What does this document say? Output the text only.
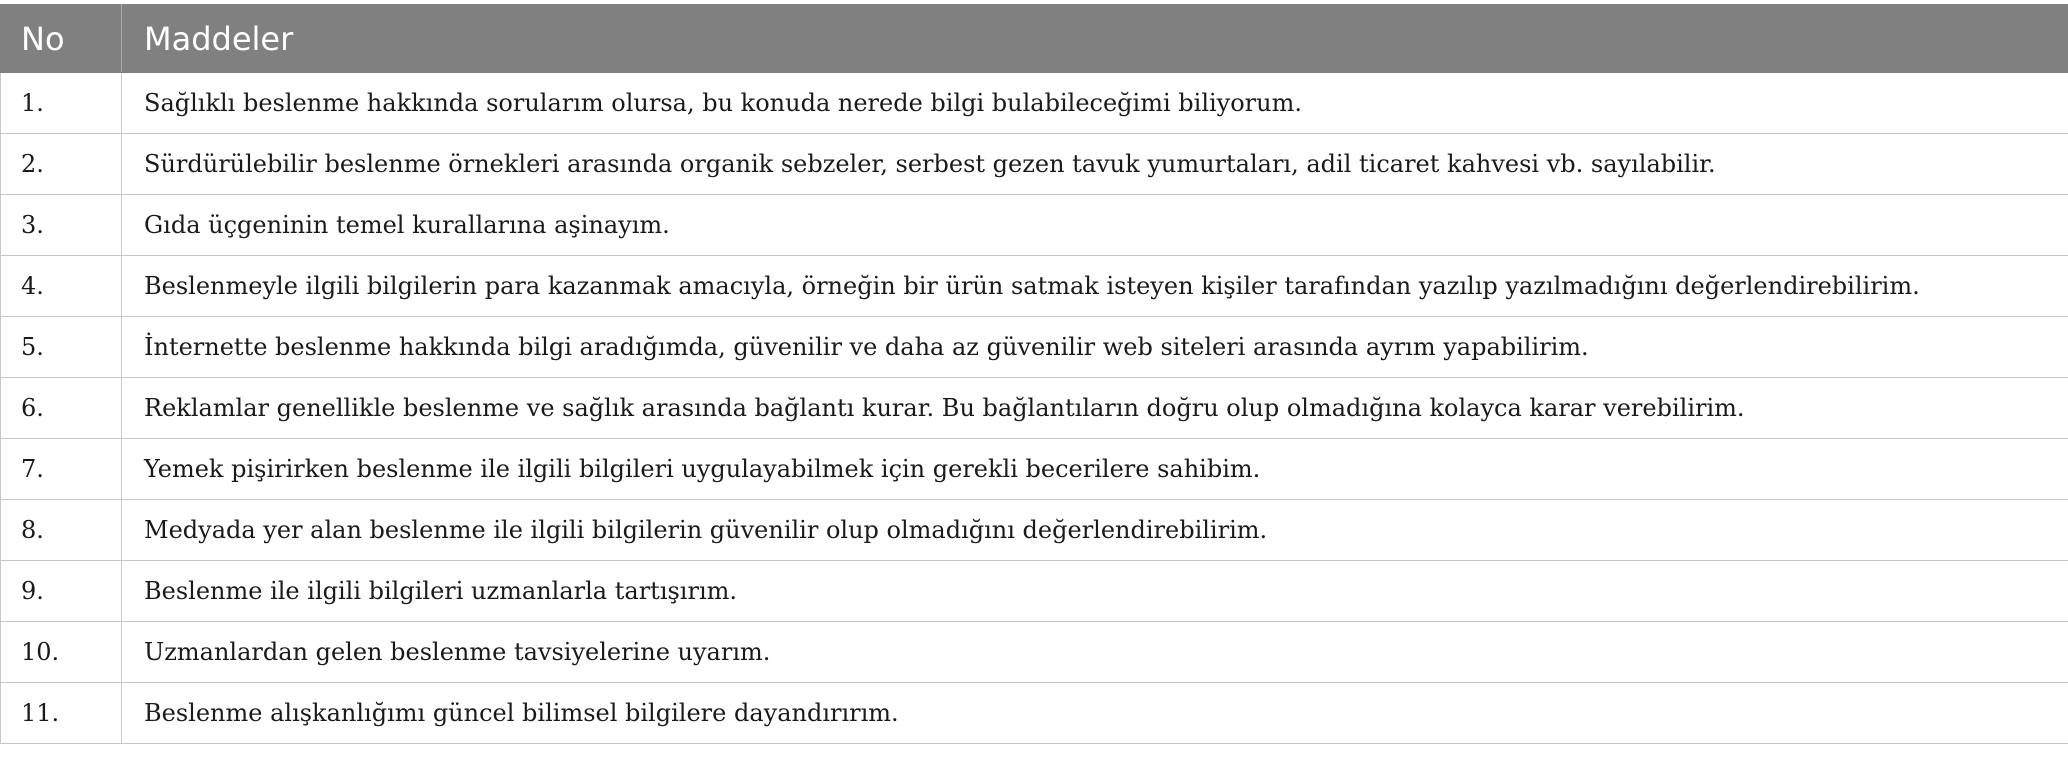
No	Maddeler
1.	Sağlıklı beslenme hakkında sorularım olursa, bu konuda nerede bilgi bulabileceğimi biliyorum.
2.	Sürdürülebilir beslenme örnekleri arasında organik sebzeler, serbest gezen tavuk yumurtaları, adil ticaret kahvesi vb. sayılabilir.
3.	Gıda üçgeninin temel kurallarına aşinayım.
4.	Beslenmeyle ilgili bilgilerin para kazanmak amacıyla, örneğin bir ürün satmak isteyen kişiler tarafından yazılıp yazılmadığını değerlendirebilirim.
5.	İnternette beslenme hakkında bilgi aradığımda, güvenilir ve daha az güvenilir web siteleri arasında ayrım yapabilirim.
6.	Reklamlar genellikle beslenme ve sağlık arasında bağlantı kurar. Bu bağlantıların doğru olup olmadığına kolayca karar verebilirim.
7.	Yemek pişirirken beslenme ile ilgili bilgileri uygulayabilmek için gerekli becerilere sahibim.
8.	Medyada yer alan beslenme ile ilgili bilgilerin güvenilir olup olmadığını değerlendirebilirim.
9.	Beslenme ile ilgili bilgileri uzmanlarla tartışırım.
10.	Uzmanlardan gelen beslenme tavsiyelerine uyarım.
11.	Beslenme alışkanlığımı güncel bilimsel bilgilere dayandırırım.
